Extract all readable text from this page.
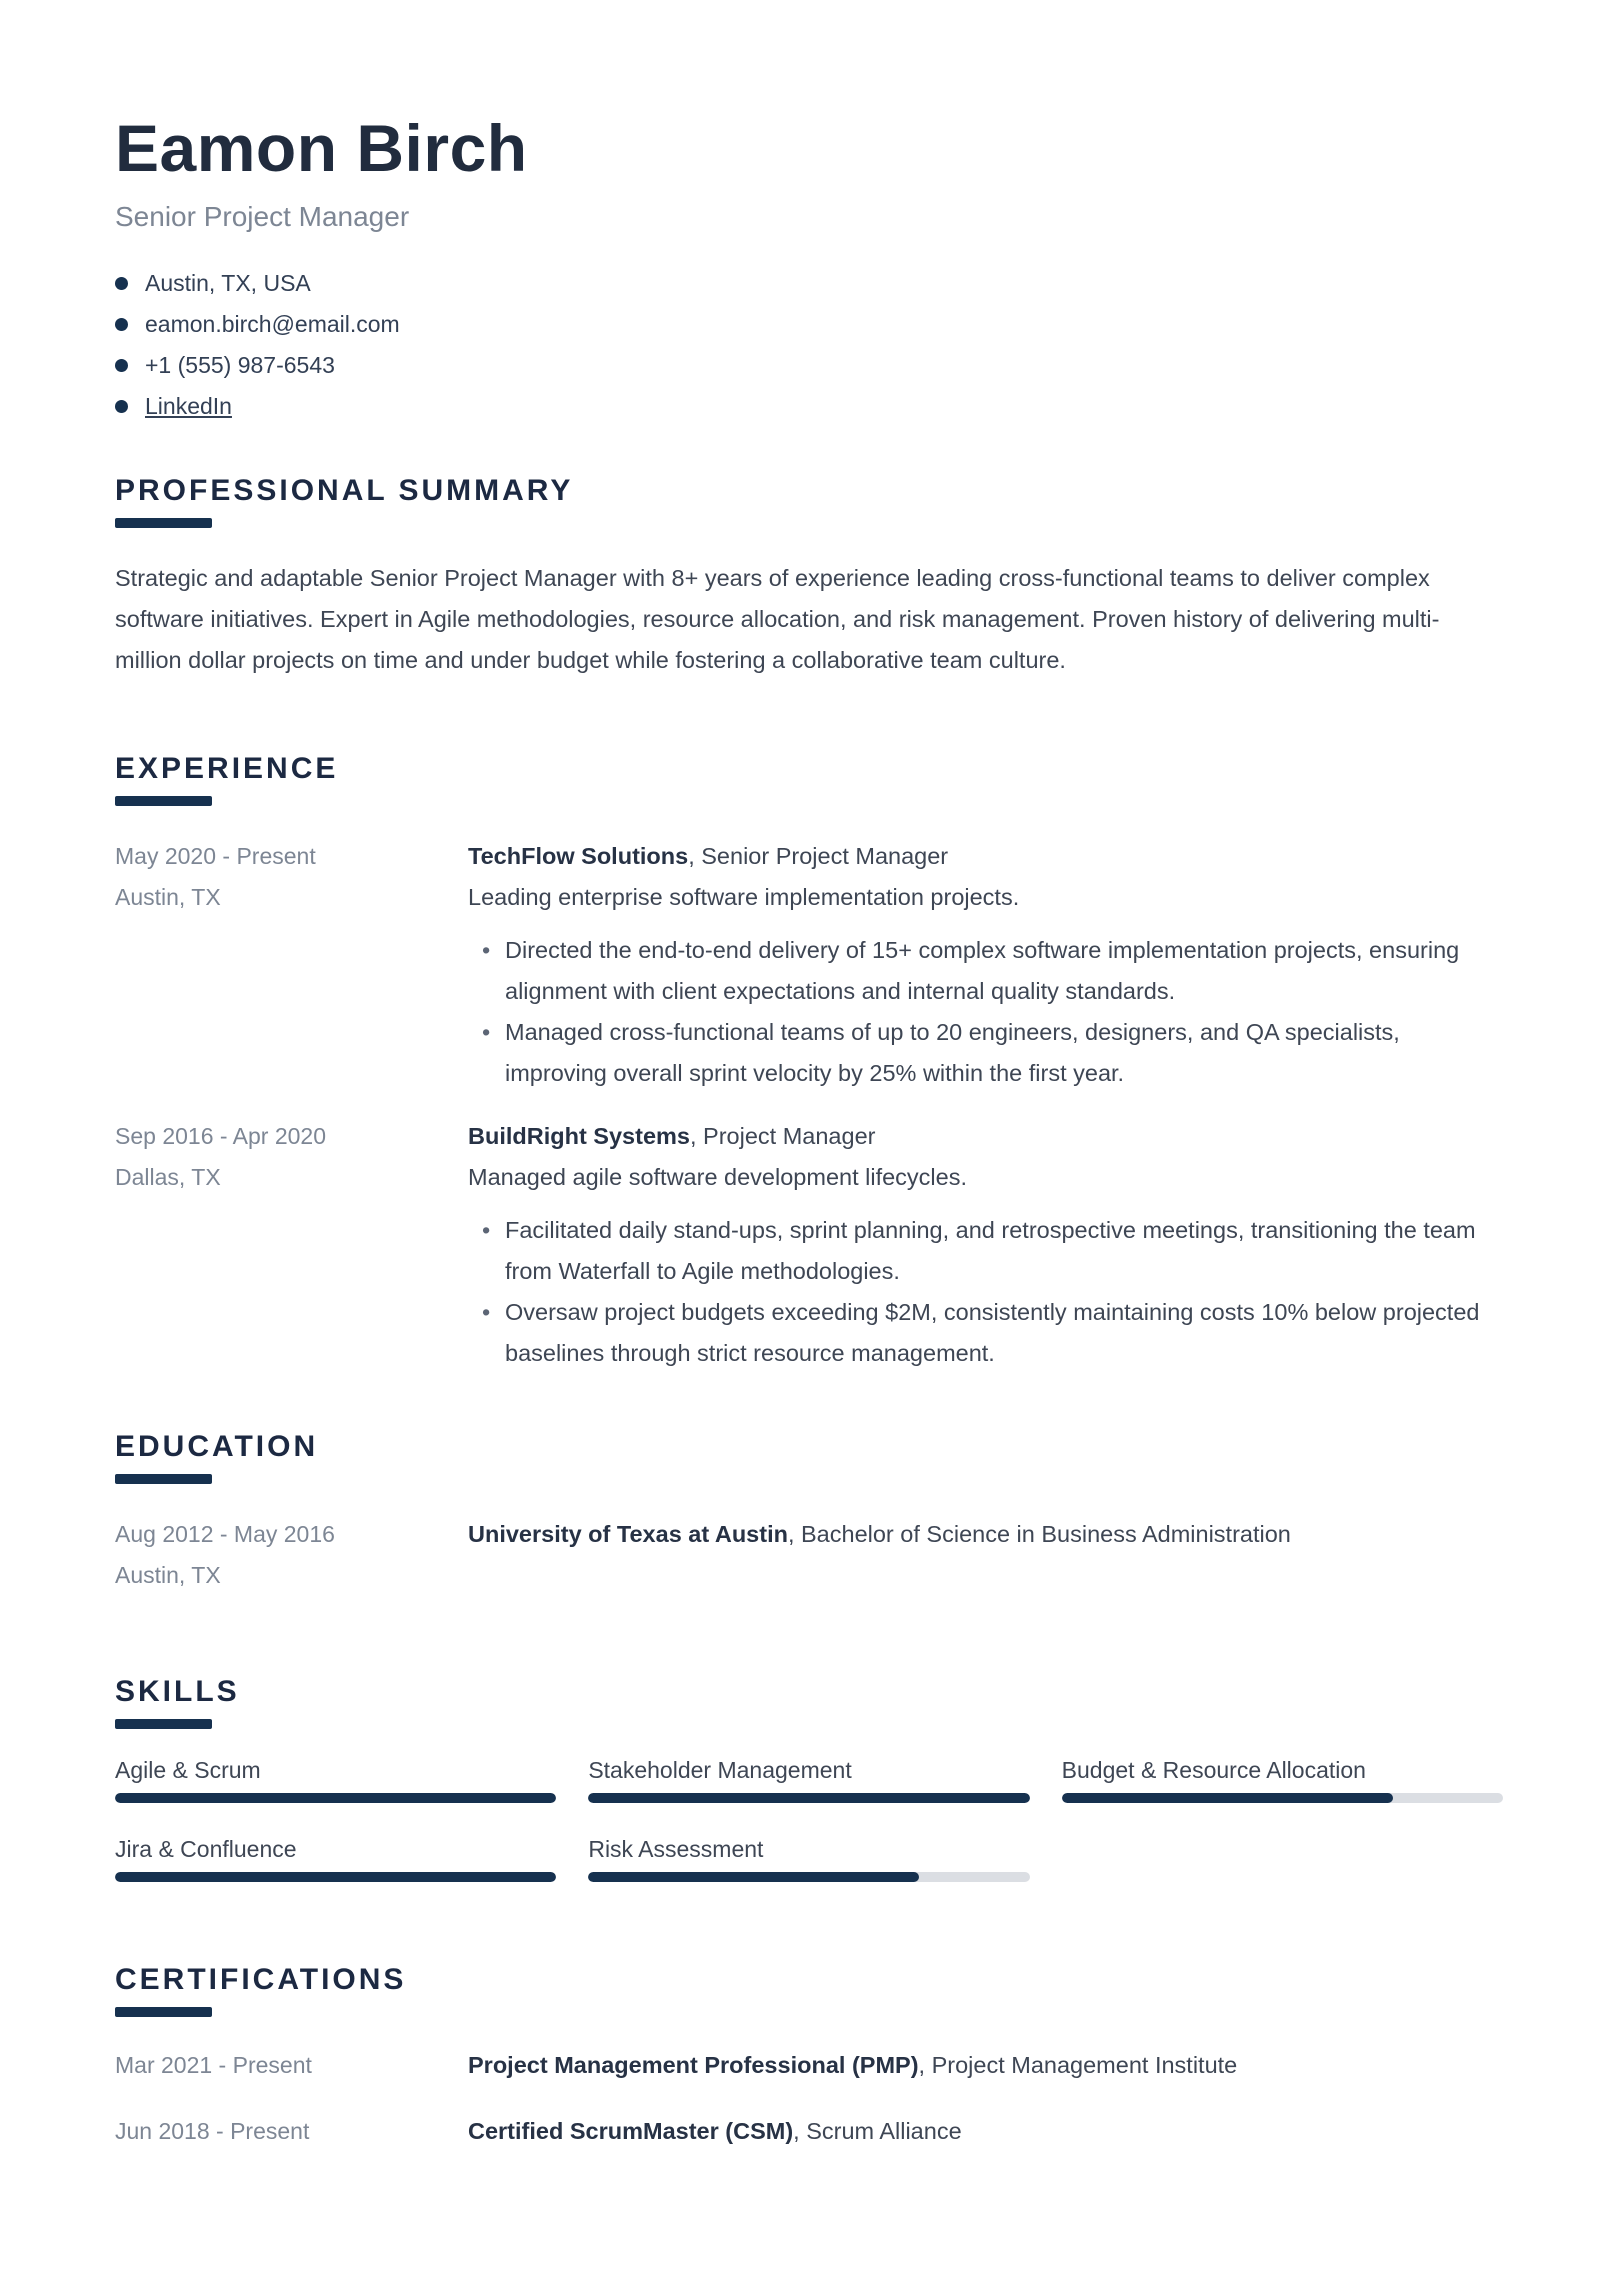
Eamon Birch
Senior Project Manager
Austin, TX, USA
eamon.birch@email.com
+1 (555) 987-6543
LinkedIn
PROFESSIONAL SUMMARY

Strategic and adaptable Senior Project Manager with 8+ years of experience leading cross-functional teams to deliver complex software initiatives. Expert in Agile methodologies, resource allocation, and risk management. Proven history of delivering multi-million dollar projects on time and under budget while fostering a collaborative team culture.

EXPERIENCE
May 2020 - Present
Austin, TX
TechFlow Solutions, Senior Project Manager
Leading enterprise software implementation projects.
• Directed the end-to-end delivery of 15+ complex software implementation projects, ensuring alignment with client expectations and internal quality standards.
• Managed cross-functional teams of up to 20 engineers, designers, and QA specialists, improving overall sprint velocity by 25% within the first year.
Sep 2016 - Apr 2020
Dallas, TX
BuildRight Systems, Project Manager
Managed agile software development lifecycles.
• Facilitated daily stand-ups, sprint planning, and retrospective meetings, transitioning the team from Waterfall to Agile methodologies.
• Oversaw project budgets exceeding $2M, consistently maintaining costs 10% below projected baselines through strict resource management.
EDUCATION
Aug 2012 - May 2016
Austin, TX
University of Texas at Austin, Bachelor of Science in Business Administration
SKILLS
Agile & Scrum	Stakeholder Management	Budget & Resource Allocation
Jira & Confluence	Risk Assessment
CERTIFICATIONS
Mar 2021 - Present	Project Management Professional (PMP), Project Management Institute
Jun 2018 - Present	Certified ScrumMaster (CSM), Scrum Alliance
